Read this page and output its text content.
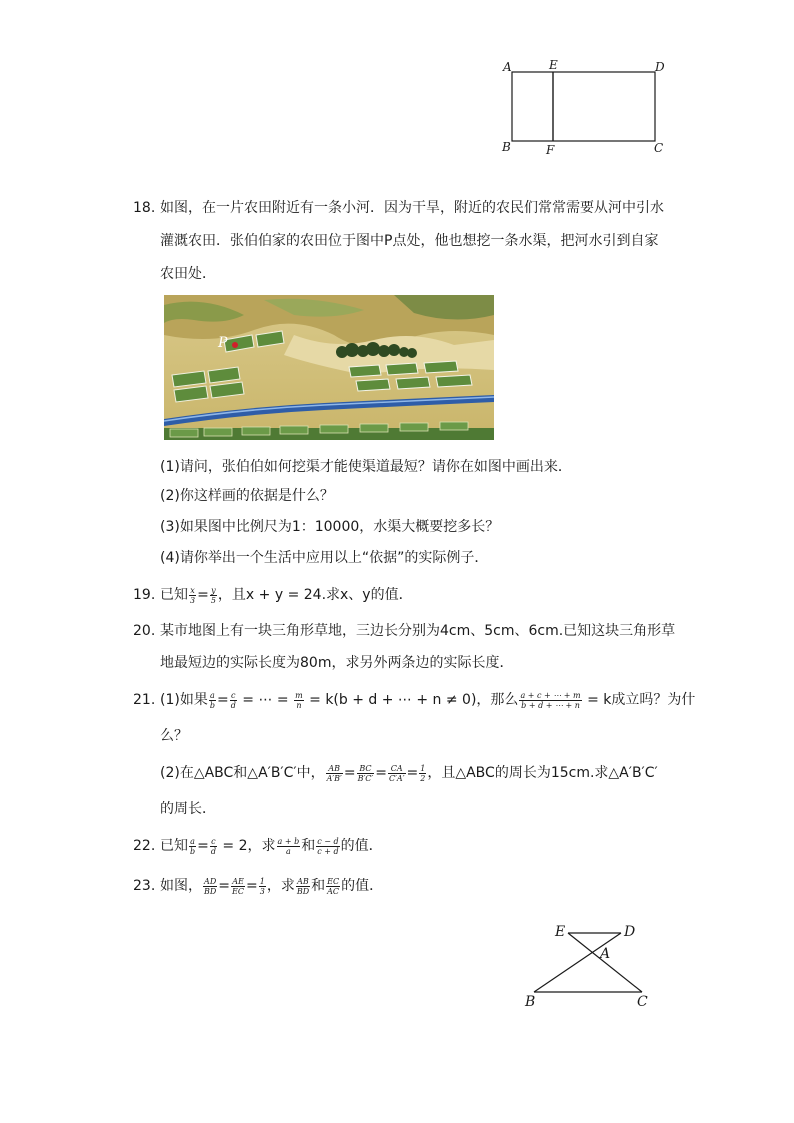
A	E	D
B	F	C
18. 如图，在一片农田附近有一条小河．因为干旱，附近的农民们常常需要从河中引水
灌溉农田．张伯伯家的农田位于图中P点处，他也想挖一条水渠，把河水引到自家
农田处．
P
(1)请问，张伯伯如何挖渠才能使渠道最短？请你在如图中画出来．
(2)你这样画的依据是什么？
(3)如果图中比例尺为1：10000，水渠大概要挖多长？
(4)请你举出一个生活中应用以上“依据”的实际例子．
19. 已知 $\frac{x}{3} = \frac{y}{5}$ ，且x + y = 24.求x、y的值．
20. 某市地图上有一块三角形草地，三边长分别为4cm、5cm、6cm.已知这块三角形草
地最短边的实际长度为80m，求另外两条边的实际长度．
21. (1)如果 $\frac{a}{b} = \frac{c}{d}$ = ⋯ = $\frac{m}{n} = k(b + d$ + ⋯ + n ≠ 0)，那么 $\frac{a + c + \cdots + m}{b + d + \cdots + n} = k$成立吗？为什
么？
(2)在△ABC和△A′B′C′中， $\frac{AB}{A'B'} = \frac{BC}{B'C'} = \frac{CA}{C'A'} = \frac{1}{2}$ ，且△ABC的周长为15cm.求△A′B′C′
的周长．
22. 已知 $\frac{a}{b} = \frac{c}{d} = 2$，求 $\frac{a + b}{a}$ 和 $\frac{c - d}{c + d}$ 的值．
23. 如图， $\frac{AD}{BD} = \frac{AE}{EC} = \frac{1}{3}$ ，求 $\frac{AB}{BD}$ 和 $\frac{EC}{AC}$ 的值．
E	D
A
B	C
